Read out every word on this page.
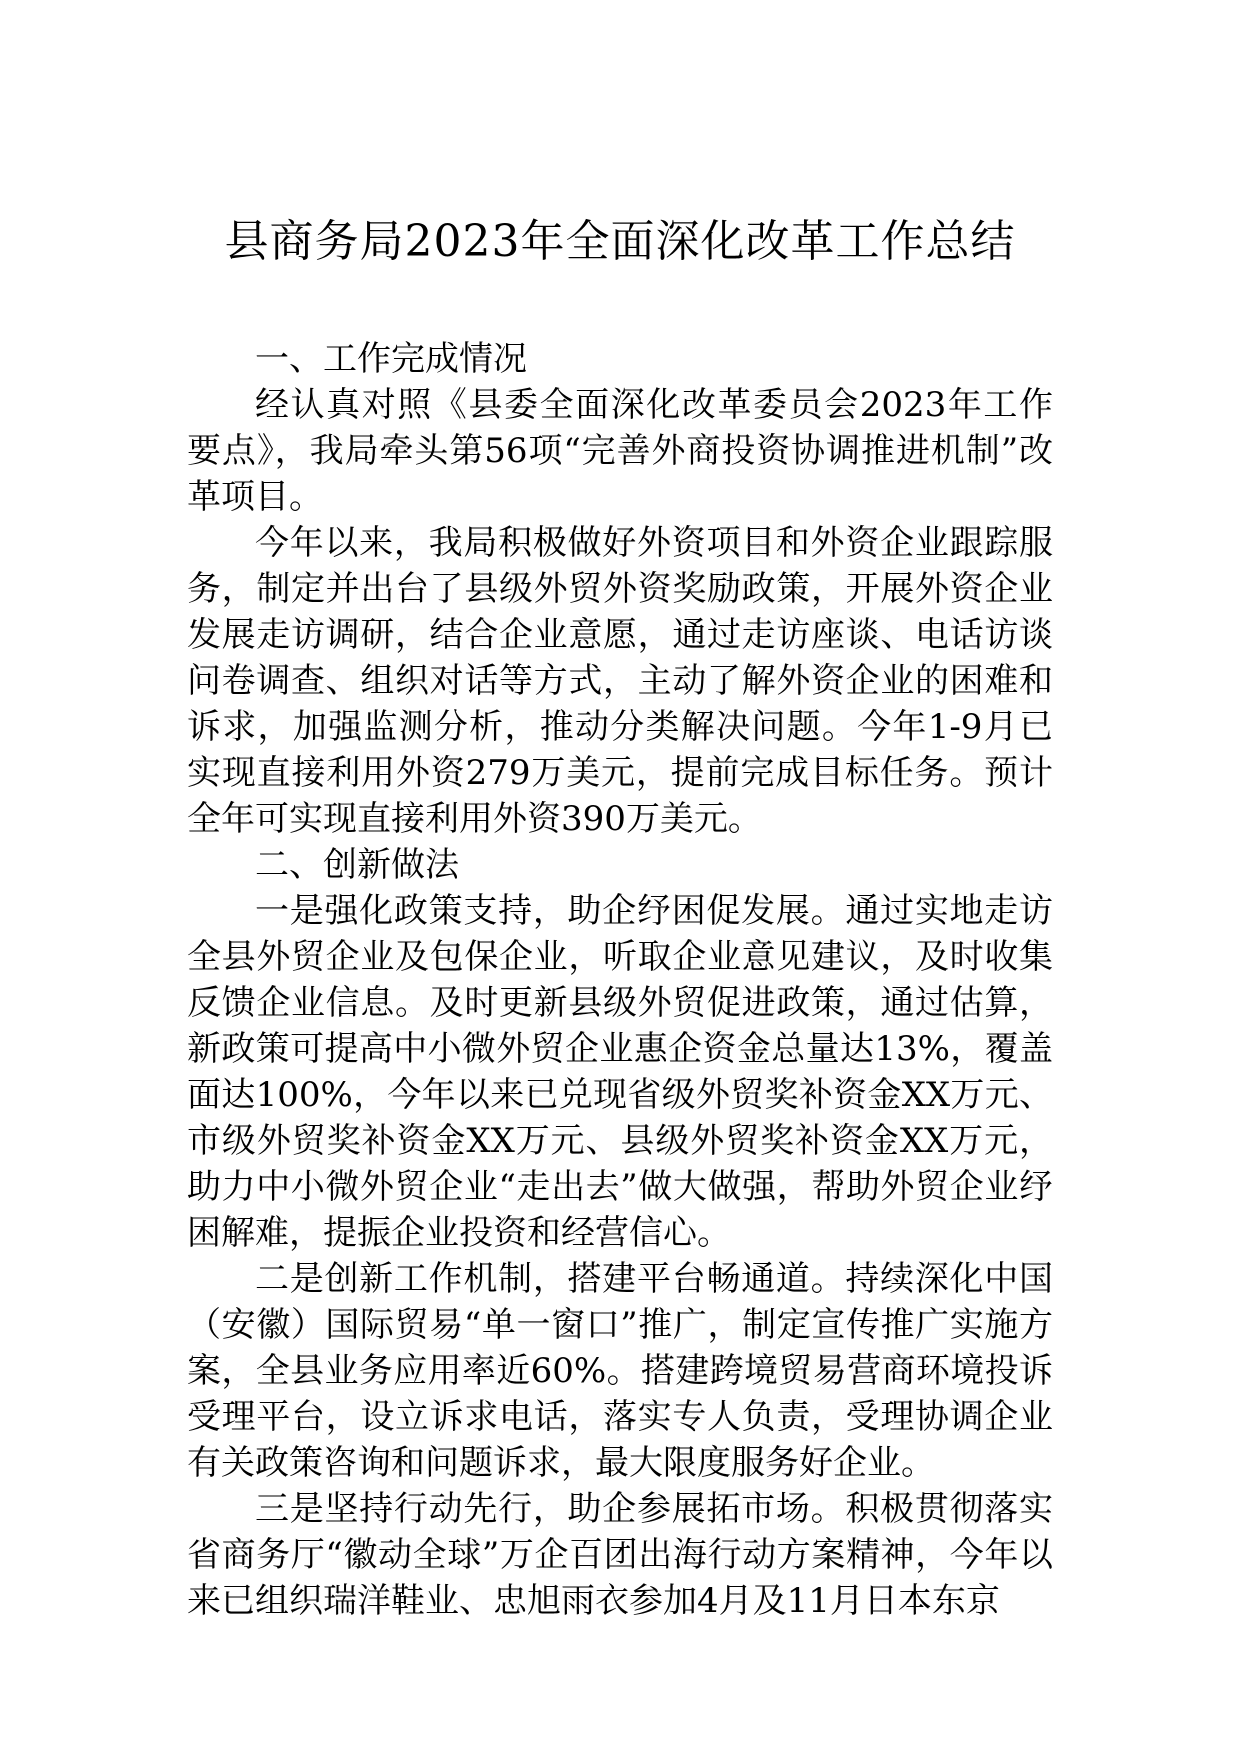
县商务局2023年全面深化改革工作总结

一、工作完成情况

经认真对照《县委全面深化改革委员会2023年工作要点》，我局牵头第56项“完善外商投资协调推进机制”改革项目。

今年以来，我局积极做好外资项目和外资企业跟踪服务，制定并出台了县级外贸外资奖励政策，开展外资企业发展走访调研，结合企业意愿，通过走访座谈、电话访谈问卷调查、组织对话等方式，主动了解外资企业的困难和诉求，加强监测分析，推动分类解决问题。今年1-9月已实现直接利用外资279万美元，提前完成目标任务。预计全年可实现直接利用外资390万美元。

二、创新做法

一是强化政策支持，助企纾困促发展。通过实地走访全县外贸企业及包保企业，听取企业意见建议，及时收集反馈企业信息。及时更新县级外贸促进政策，通过估算，新政策可提高中小微外贸企业惠企资金总量达13%，覆盖面达100%，今年以来已兑现省级外贸奖补资金XX万元、市级外贸奖补资金XX万元、县级外贸奖补资金XX万元，助力中小微外贸企业“走出去”做大做强，帮助外贸企业纾困解难，提振企业投资和经营信心。

二是创新工作机制，搭建平台畅通道。持续深化中国（安徽）国际贸易“单一窗口”推广，制定宣传推广实施方案，全县业务应用率近60%。搭建跨境贸易营商环境投诉受理平台，设立诉求电话，落实专人负责，受理协调企业有关政策咨询和问题诉求，最大限度服务好企业。

三是坚持行动先行，助企参展拓市场。积极贯彻落实省商务厅“徽动全球”万企百团出海行动方案精神，今年以来已组织瑞洋鞋业、忠旭雨衣参加4月及11月日本东京
